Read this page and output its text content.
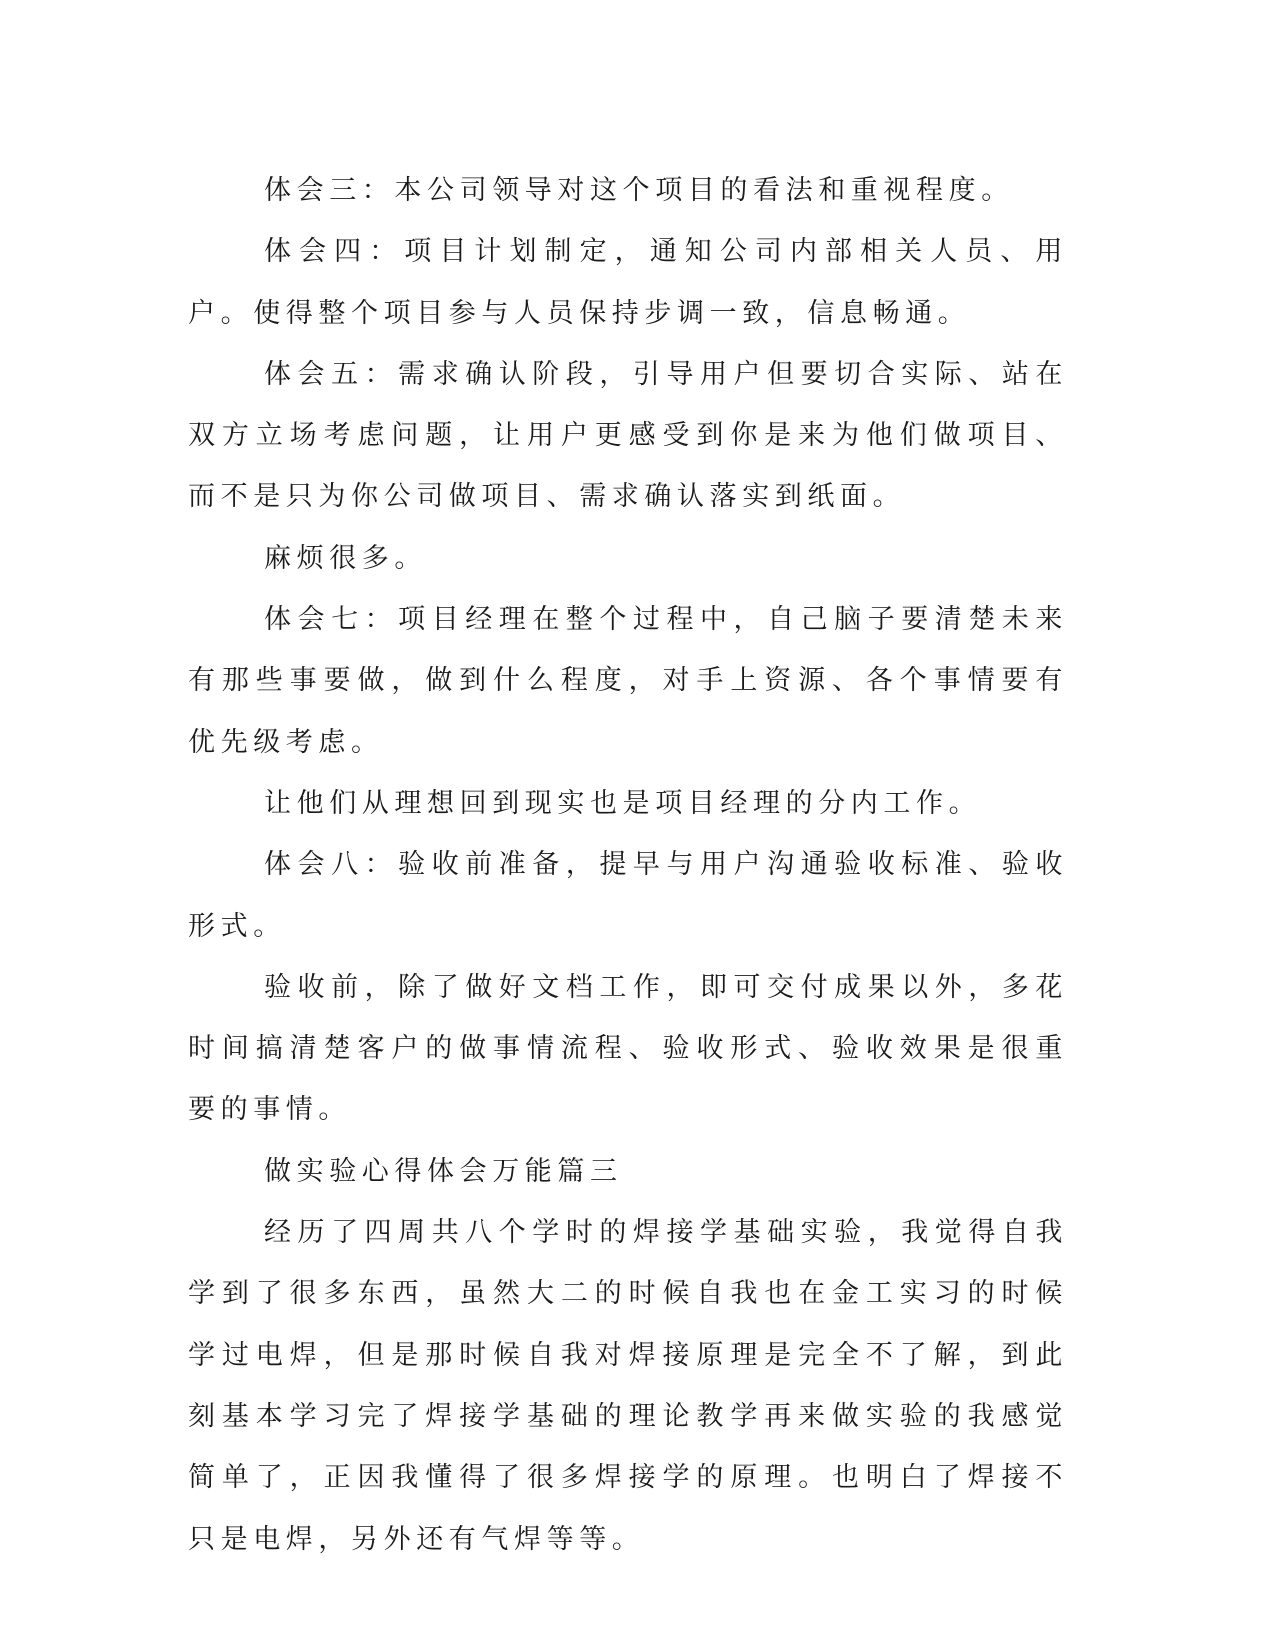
体会三：本公司领导对这个项目的看法和重视程度。

体会四：项目计划制定，通知公司内部相关人员、用户。使得整个项目参与人员保持步调一致，信息畅通。

体会五：需求确认阶段，引导用户但要切合实际、站在双方立场考虑问题，让用户更感受到你是来为他们做项目、而不是只为你公司做项目、需求确认落实到纸面。

麻烦很多。

体会七：项目经理在整个过程中，自己脑子要清楚未来有那些事要做，做到什么程度，对手上资源、各个事情要有优先级考虑。

让他们从理想回到现实也是项目经理的分内工作。

体会八：验收前准备，提早与用户沟通验收标准、验收形式。

验收前，除了做好文档工作，即可交付成果以外，多花时间搞清楚客户的做事情流程、验收形式、验收效果是很重要的事情。

做实验心得体会万能篇三

经历了四周共八个学时的焊接学基础实验，我觉得自我学到了很多东西，虽然大二的时候自我也在金工实习的时候学过电焊，但是那时候自我对焊接原理是完全不了解，到此刻基本学习完了焊接学基础的理论教学再来做实验的我感觉简单了，正因我懂得了很多焊接学的原理。也明白了焊接不只是电焊，另外还有气焊等等。
